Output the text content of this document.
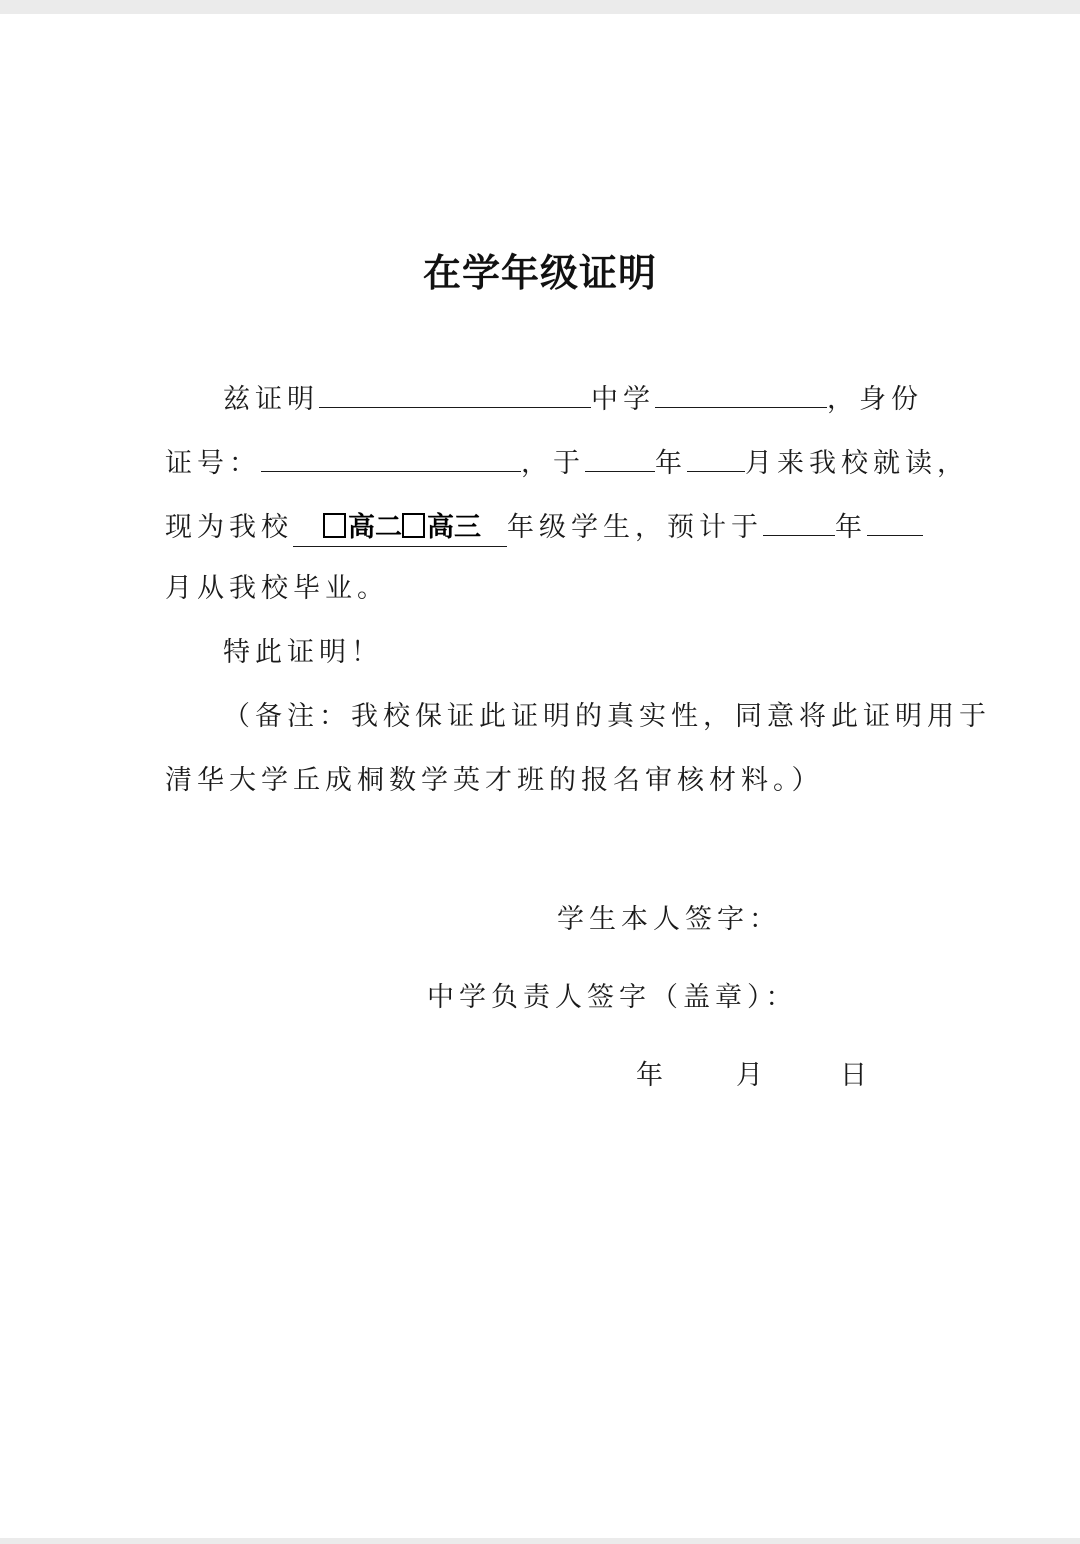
在学年级证明
兹证明	中学	，身份
证号：	，于	年 月来我校就读，
现为我校 高二 高三 年级学生，预计于	年
月从我校毕业。
特此证明！
（备注：我校保证此证明的真实性，同意将此证明用于
清华大学丘成桐数学英才班的报名审核材料。）
学生本人签字：
中学负责人签字（盖章）：
年	月	日
